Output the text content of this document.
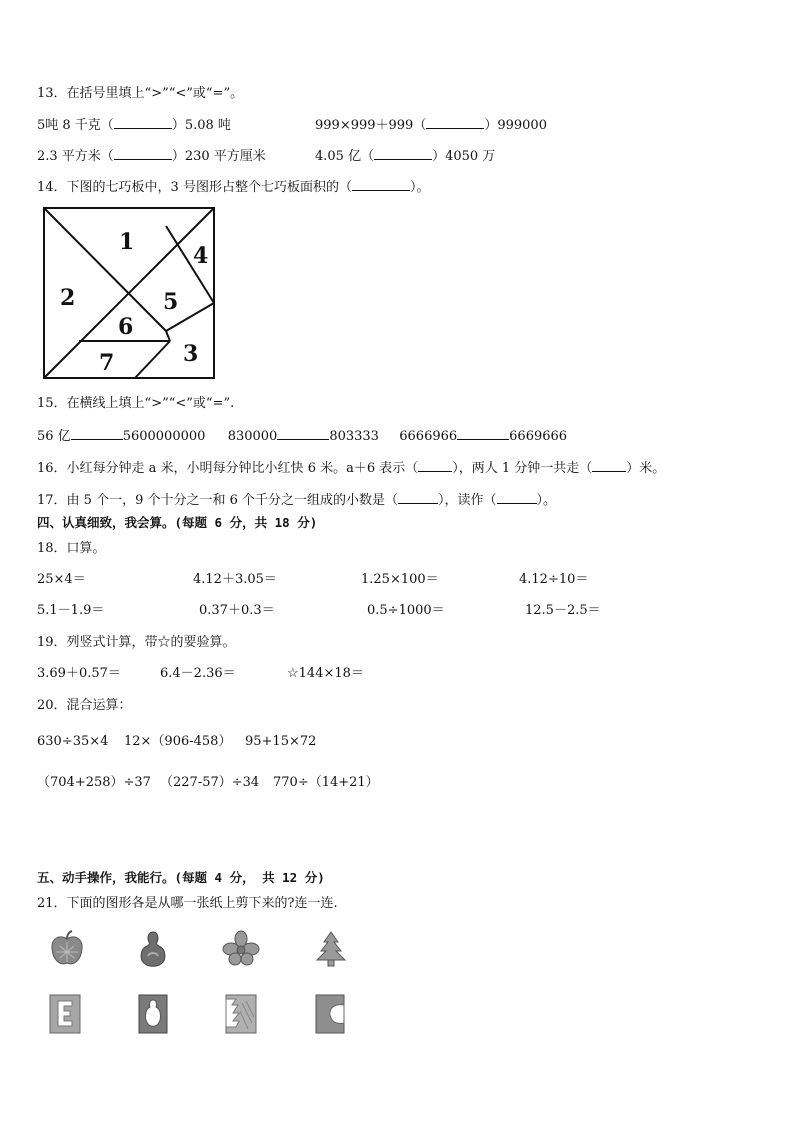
13．在括号里填上“>”“<”或“=”。
5吨 8 千克（	）5.08 吨	999×999＋999（	）999000
2.3 平方米（	）230 平方厘米	4.05 亿（	）4050 万
14．下图的七巧板中，3 号图形占整个七巧板面积的（	）。
1
2
3
4
5
6
7
15．在横线上填上“>”“<”或“=”.
56 亿	5600000000 830000	803333 6666966	6669666
16．小红每分钟走 a 米，小明每分钟比小红快 6 米。a＋6 表示（	），两人 1 分钟一共走（	）米。
17．由 5 个一，9 个十分之一和 6 个千分之一组成的小数是（	），读作（	）。
四、认真细致，我会算。(每题 6 分，共 18 分)
18．口算。
25×4＝	4.12＋3.05＝	1.25×100＝	4.12÷10＝
5.1－1.9＝	0.37＋0.3＝	0.5÷1000＝	12.5－2.5＝
19．列竖式计算，带☆的要验算。
3.69＋0.57＝	6.4－2.36＝	☆144×18＝
20．混合运算：
630÷35×4 12×（906-458） 95+15×72
（704+258）÷37 （227-57）÷34 770÷（14+21）
五、动手操作，我能行。(每题 4 分， 共 12 分)
21．下面的图形各是从哪一张纸上剪下来的?连一连.
